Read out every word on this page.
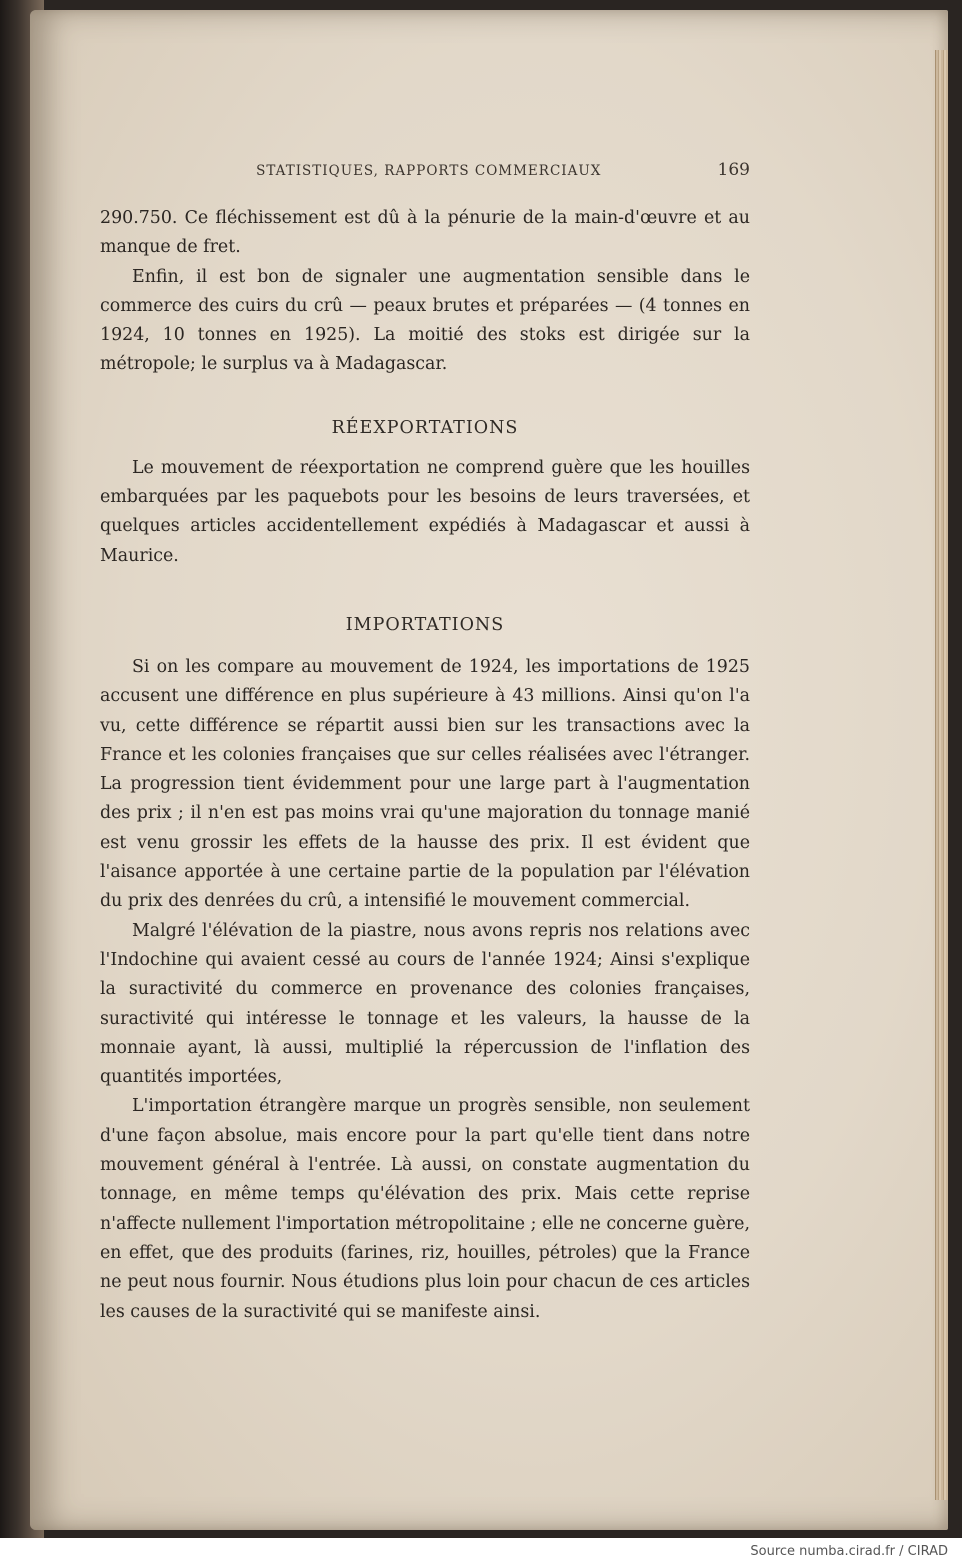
STATISTIQUES, RAPPORTS COMMERCIAUX	169

290.750. Ce fléchissement est dû à la pénurie de la main-d'œuvre et au manque de fret.

Enfin, il est bon de signaler une augmentation sensible dans le commerce des cuirs du crû — peaux brutes et préparées — (4 tonnes en 1924, 10 tonnes en 1925). La moitié des stoks est dirigée sur la métropole; le surplus va à Madagascar.

RÉEXPORTATIONS

Le mouvement de réexportation ne comprend guère que les houilles embarquées par les paquebots pour les besoins de leurs traversées, et quelques articles accidentellement expédiés à Madagascar et aussi à Maurice.

IMPORTATIONS

Si on les compare au mouvement de 1924, les importations de 1925 accusent une différence en plus supérieure à 43 millions. Ainsi qu'on l'a vu, cette différence se répartit aussi bien sur les transactions avec la France et les colonies françaises que sur celles réalisées avec l'étranger. La progression tient évidemment pour une large part à l'augmentation des prix ; il n'en est pas moins vrai qu'une majoration du tonnage manié est venu grossir les effets de la hausse des prix. Il est évident que l'aisance apportée à une certaine partie de la population par l'élévation du prix des denrées du crû, a intensifié le mouvement commercial.

Malgré l'élévation de la piastre, nous avons repris nos relations avec l'Indochine qui avaient cessé au cours de l'année 1924; Ainsi s'explique la suractivité du commerce en provenance des colonies françaises, suractivité qui intéresse le tonnage et les valeurs, la hausse de la monnaie ayant, là aussi, multiplié la répercussion de l'inflation des quantités importées,

L'importation étrangère marque un progrès sensible, non seulement d'une façon absolue, mais encore pour la part qu'elle tient dans notre mouvement général à l'entrée. Là aussi, on constate augmentation du tonnage, en même temps qu'élévation des prix. Mais cette reprise n'affecte nullement l'importation métropolitaine ; elle ne concerne guère, en effet, que des produits (farines, riz, houilles, pétroles) que la France ne peut nous fournir. Nous étudions plus loin pour chacun de ces articles les causes de la suractivité qui se manifeste ainsi.

Source numba.cirad.fr / CIRAD
